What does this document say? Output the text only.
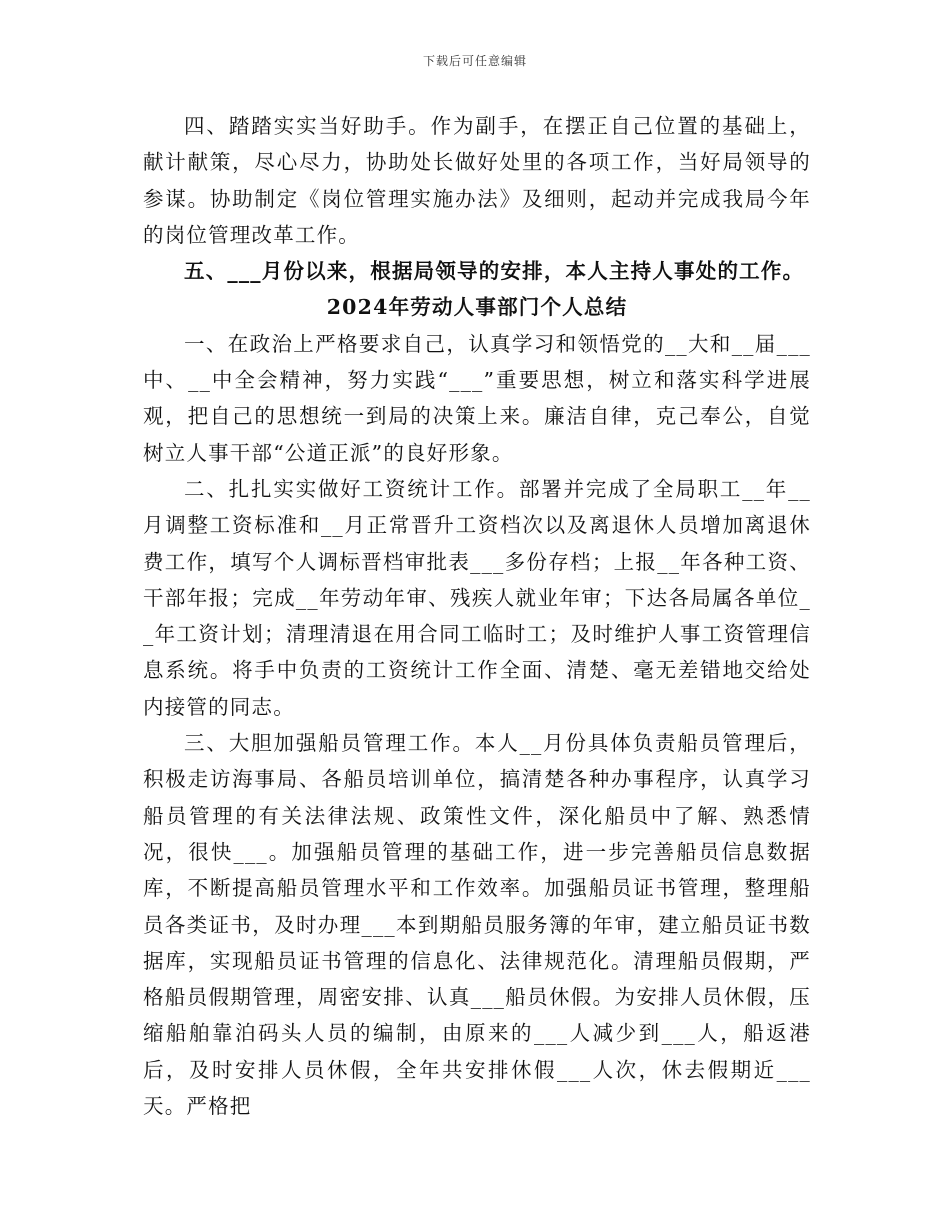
下载后可任意编辑

四、踏踏实实当好助手。作为副手，在摆正自己位置的基础上，献计献策，尽心尽力，协助处长做好处里的各项工作，当好局领导的参谋。协助制定《岗位管理实施办法》及细则，起动并完成我局今年的岗位管理改革工作。

五、___月份以来，根据局领导的安排，本人主持人事处的工作。

2024年劳动人事部门个人总结

一、在政治上严格要求自己，认真学习和领悟党的__大和__届___中、__中全会精神，努力实践“___”重要思想，树立和落实科学进展观，把自己的思想统一到局的决策上来。廉洁自律，克己奉公，自觉树立人事干部“公道正派”的良好形象。

二、扎扎实实做好工资统计工作。部署并完成了全局职工__年__月调整工资标准和__月正常晋升工资档次以及离退休人员增加离退休费工作，填写个人调标晋档审批表___多份存档；上报__年各种工资、干部年报；完成__年劳动年审、残疾人就业年审；下达各局属各单位__年工资计划；清理清退在用合同工临时工；及时维护人事工资管理信息系统。将手中负责的工资统计工作全面、清楚、毫无差错地交给处内接管的同志。

三、大胆加强船员管理工作。本人__月份具体负责船员管理后，积极走访海事局、各船员培训单位，搞清楚各种办事程序，认真学习船员管理的有关法律法规、政策性文件，深化船员中了解、熟悉情况，很快___。加强船员管理的基础工作，进一步完善船员信息数据库，不断提高船员管理水平和工作效率。加强船员证书管理，整理船员各类证书，及时办理___本到期船员服务簿的年审，建立船员证书数据库，实现船员证书管理的信息化、法律规范化。清理船员假期，严格船员假期管理，周密安排、认真___船员休假。为安排人员休假，压缩船舶靠泊码头人员的编制，由原来的___人减少到___人，船返港后，及时安排人员休假，全年共安排休假___人次，休去假期近___天。严格把
